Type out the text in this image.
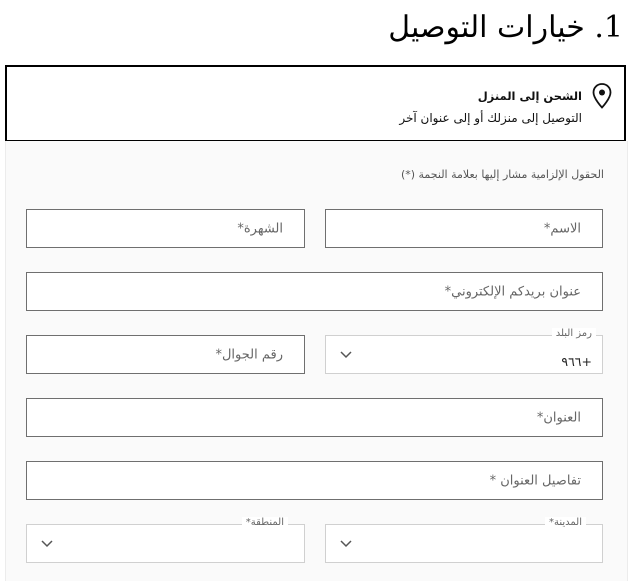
1. خيارات التوصيل
الشحن إلى المنزل
التوصيل إلى منزلك أو إلى عنوان آخر
الحقول الإلزامية مشار إليها بعلامة النجمة (*)
الاسم*
الشهرة*
عنوان بريدكم الإلكتروني*
رمز البلد
٩٦٦+
رقم الجوال*
العنوان*
تفاصيل العنوان *
المدينة*
المنطقة*
